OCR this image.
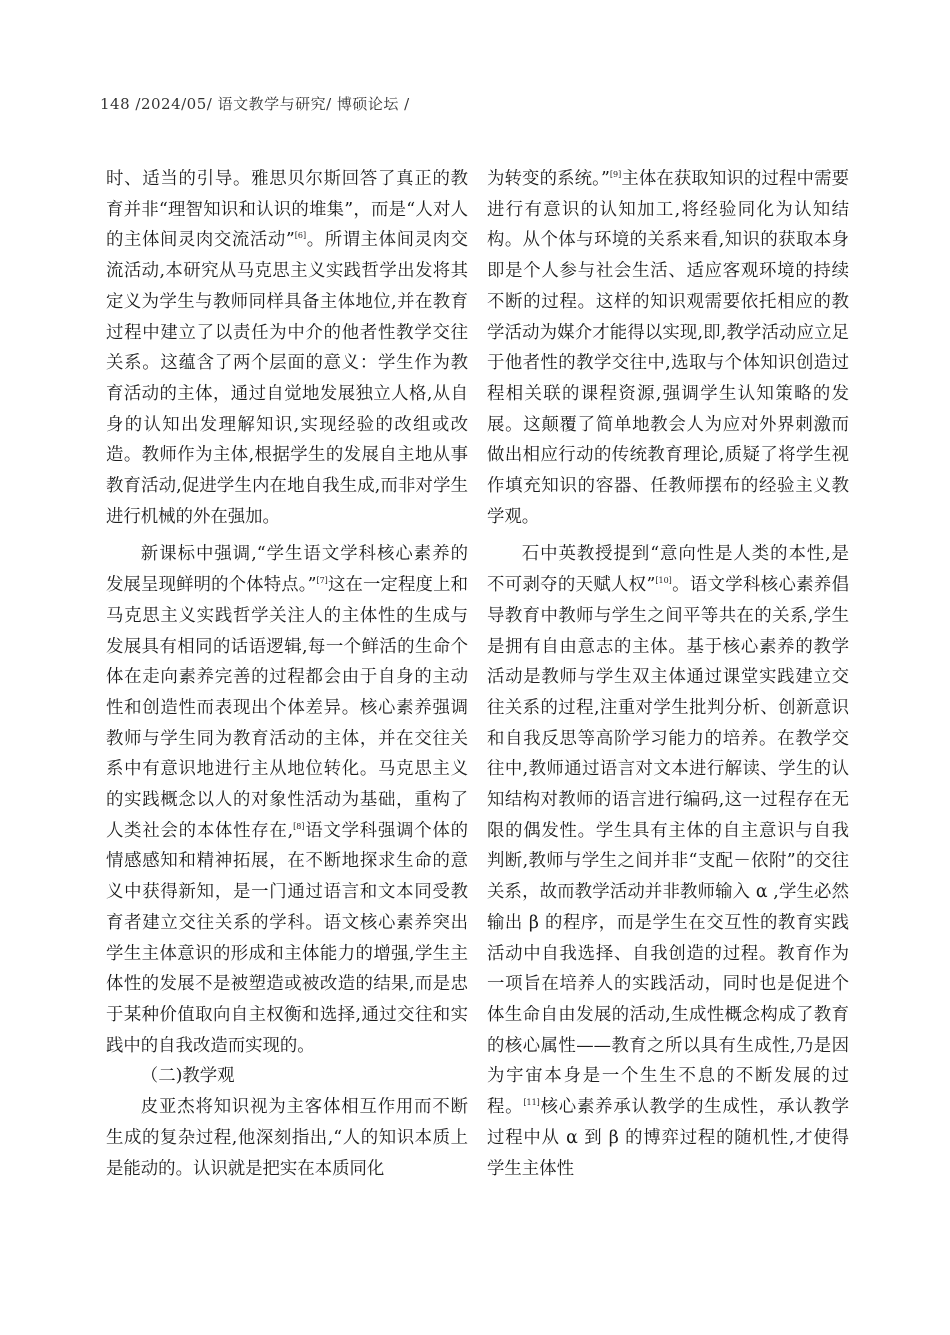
148 /2024/05/ 语文教学与研究/ 博硕论坛 /

时、适当的引导。雅思贝尔斯回答了真正的教育并非“理智知识和认识的堆集”，而是“人对人的主体间灵肉交流活动”[6]。所谓主体间灵肉交流活动,本研究从马克思主义实践哲学出发将其定义为学生与教师同样具备主体地位,并在教育过程中建立了以责任为中介的他者性教学交往关系。这蕴含了两个层面的意义：学生作为教育活动的主体，通过自觉地发展独立人格,从自身的认知出发理解知识,实现经验的改组或改造。教师作为主体,根据学生的发展自主地从事教育活动,促进学生内在地自我生成,而非对学生进行机械的外在强加。

新课标中强调,“学生语文学科核心素养的发展呈现鲜明的个体特点。”[7]这在一定程度上和马克思主义实践哲学关注人的主体性的生成与发展具有相同的话语逻辑,每一个鲜活的生命个体在走向素养完善的过程都会由于自身的主动性和创造性而表现出个体差异。核心素养强调教师与学生同为教育活动的主体，并在交往关系中有意识地进行主从地位转化。马克思主义的实践概念以人的对象性活动为基础，重构了人类社会的本体性存在,[8]语文学科强调个体的情感感知和精神拓展，在不断地探求生命的意义中获得新知，是一门通过语言和文本同受教育者建立交往关系的学科。语文核心素养突出学生主体意识的形成和主体能力的增强,学生主体性的发展不是被塑造或被改造的结果,而是忠于某种价值取向自主权衡和选择,通过交往和实践中的自我改造而实现的。

（二)教学观

皮亚杰将知识视为主客体相互作用而不断生成的复杂过程,他深刻指出,“人的知识本质上是能动的。认识就是把实在本质同化

为转变的系统。”[9]主体在获取知识的过程中需要进行有意识的认知加工,将经验同化为认知结构。从个体与环境的关系来看,知识的获取本身即是个人参与社会生活、适应客观环境的持续不断的过程。这样的知识观需要依托相应的教学活动为媒介才能得以实现,即,教学活动应立足于他者性的教学交往中,选取与个体知识创造过程相关联的课程资源,强调学生认知策略的发展。这颠覆了简单地教会人为应对外界刺激而做出相应行动的传统教育理论,质疑了将学生视作填充知识的容器、任教师摆布的经验主义教学观。

石中英教授提到“意向性是人类的本性,是不可剥夺的天赋人权”[10]。语文学科核心素养倡导教育中教师与学生之间平等共在的关系,学生是拥有自由意志的主体。基于核心素养的教学活动是教师与学生双主体通过课堂实践建立交往关系的过程,注重对学生批判分析、创新意识和自我反思等高阶学习能力的培养。在教学交往中,教师通过语言对文本进行解读、学生的认知结构对教师的语言进行编码,这一过程存在无限的偶发性。学生具有主体的自主意识与自我判断,教师与学生之间并非“支配－依附”的交往关系，故而教学活动并非教师输入 α ,学生必然输出 β 的程序，而是学生在交互性的教育实践活动中自我选择、自我创造的过程。教育作为一项旨在培养人的实践活动，同时也是促进个体生命自由发展的活动,生成性概念构成了教育的核心属性——教育之所以具有生成性,乃是因为宇宙本身是一个生生不息的不断发展的过程。[11]核心素养承认教学的生成性，承认教学过程中从 α 到 β 的博弈过程的随机性,才使得学生主体性
